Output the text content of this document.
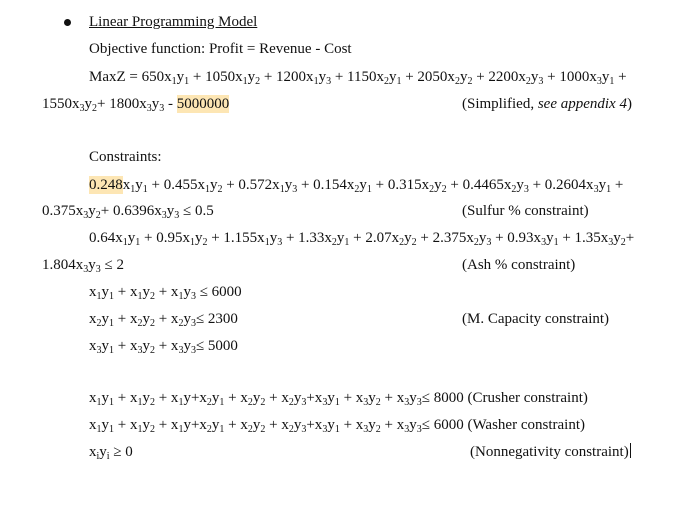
Linear Programming Model
Objective function: Profit = Revenue - Cost
MaxZ = $650x_1y_1 + 1050x_1y_2 + 1200x_1y_3 + 1150x_2y_1 + 2050x_2y_2 + 2200x_2y_3 + 1000x_3y_1$ +
$1550x_3y_2+ 1800x_3y_3 - 5000000$	(Simplified, see appendix 4)
Constraints:
$0.248x_1y_1 + 0.455x_1y_2 + 0.572x_1y_3 + 0.154x_2y_1 + 0.315x_2y_2 + 0.4465x_2y_3 + 0.2604x_3y_1$ +
$0.375x_3y_2+ 0.6396x_3y_3 \le 0.5$	(Sulfur % constraint)
$0.64x_1y_1 + 0.95x_1y_2 + 1.155x_1y_3 + 1.33x_2y_1 + 2.07x_2y_2 + 2.375x_2y_3 + 0.93x_3y_1 + 1.35x_3y_2+$
$1.804x_3y_3 \le 2$	(Ash % constraint)
$x_1y_1 + x_1y_2 + x_1y_3 \le 6000$
$x_2y_1 + x_2y_2 + x_2y_3\le 2300$	(M. Capacity constraint)
$x_3y_1 + x_3y_2 + x_3y_3\le 5000$
$x_1y_1 + x_1y_2 + x_1y+x_2y_1 + x_2y_2 + x_2y_3+x_3y_1 + x_3y_2 + x_3y_3\le 8000$ (Crusher constraint)
$x_1y_1 + x_1y_2 + x_1y+x_2y_1 + x_2y_2 + x_2y_3+x_3y_1 + x_3y_2 + x_3y_3\le 6000$ (Washer constraint)
$x_iy_i \ge 0$	(Nonnegativity constraint)
